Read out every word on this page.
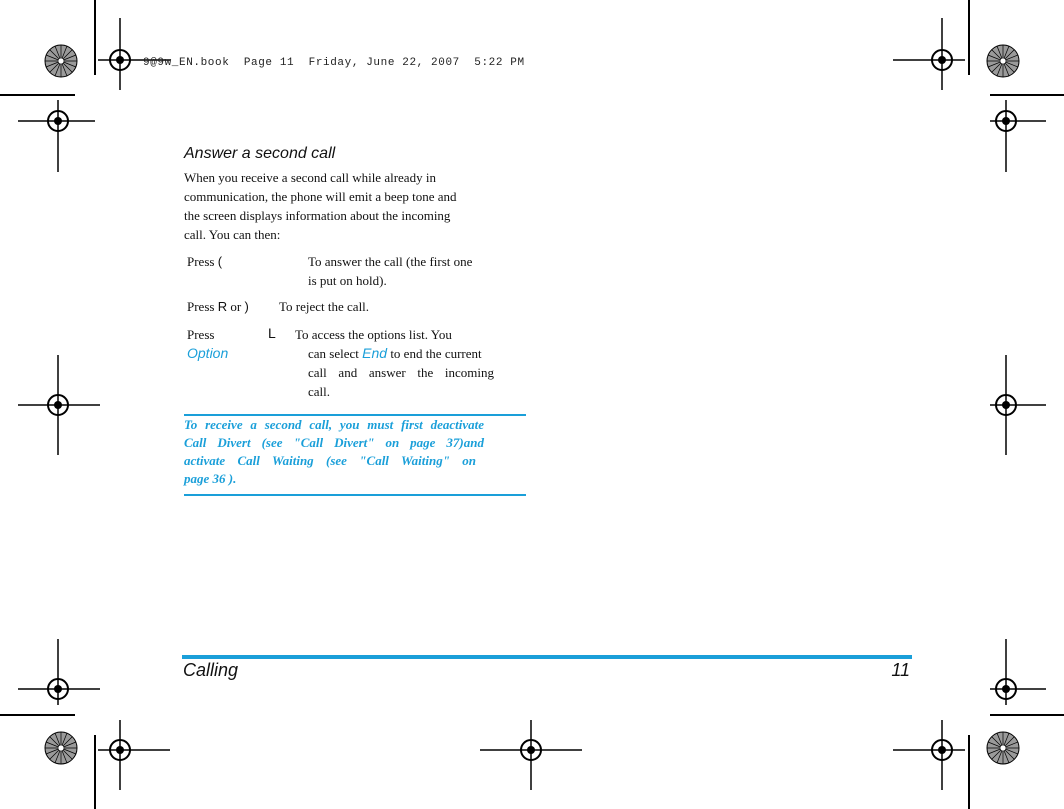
9@9w_EN.book  Page 11  Friday, June 22, 2007  5:22 PM
Answer a second call
When you receive a second call while already in
communication, the phone will emit a beep tone and
the screen displays information about the incoming
call. You can then:
Press (	To answer the call (the first one
is put on hold).
Press R or ) To reject the call.
Press
Option
L To access the options list. You
can select End to end the current
call and answer the incoming
call.
To receive a second call, you must first deactivate
Call Divert (see "Call Divert" on page 37)and
activate Call Waiting (see "Call Waiting" on
page 36 ).
Calling	11
